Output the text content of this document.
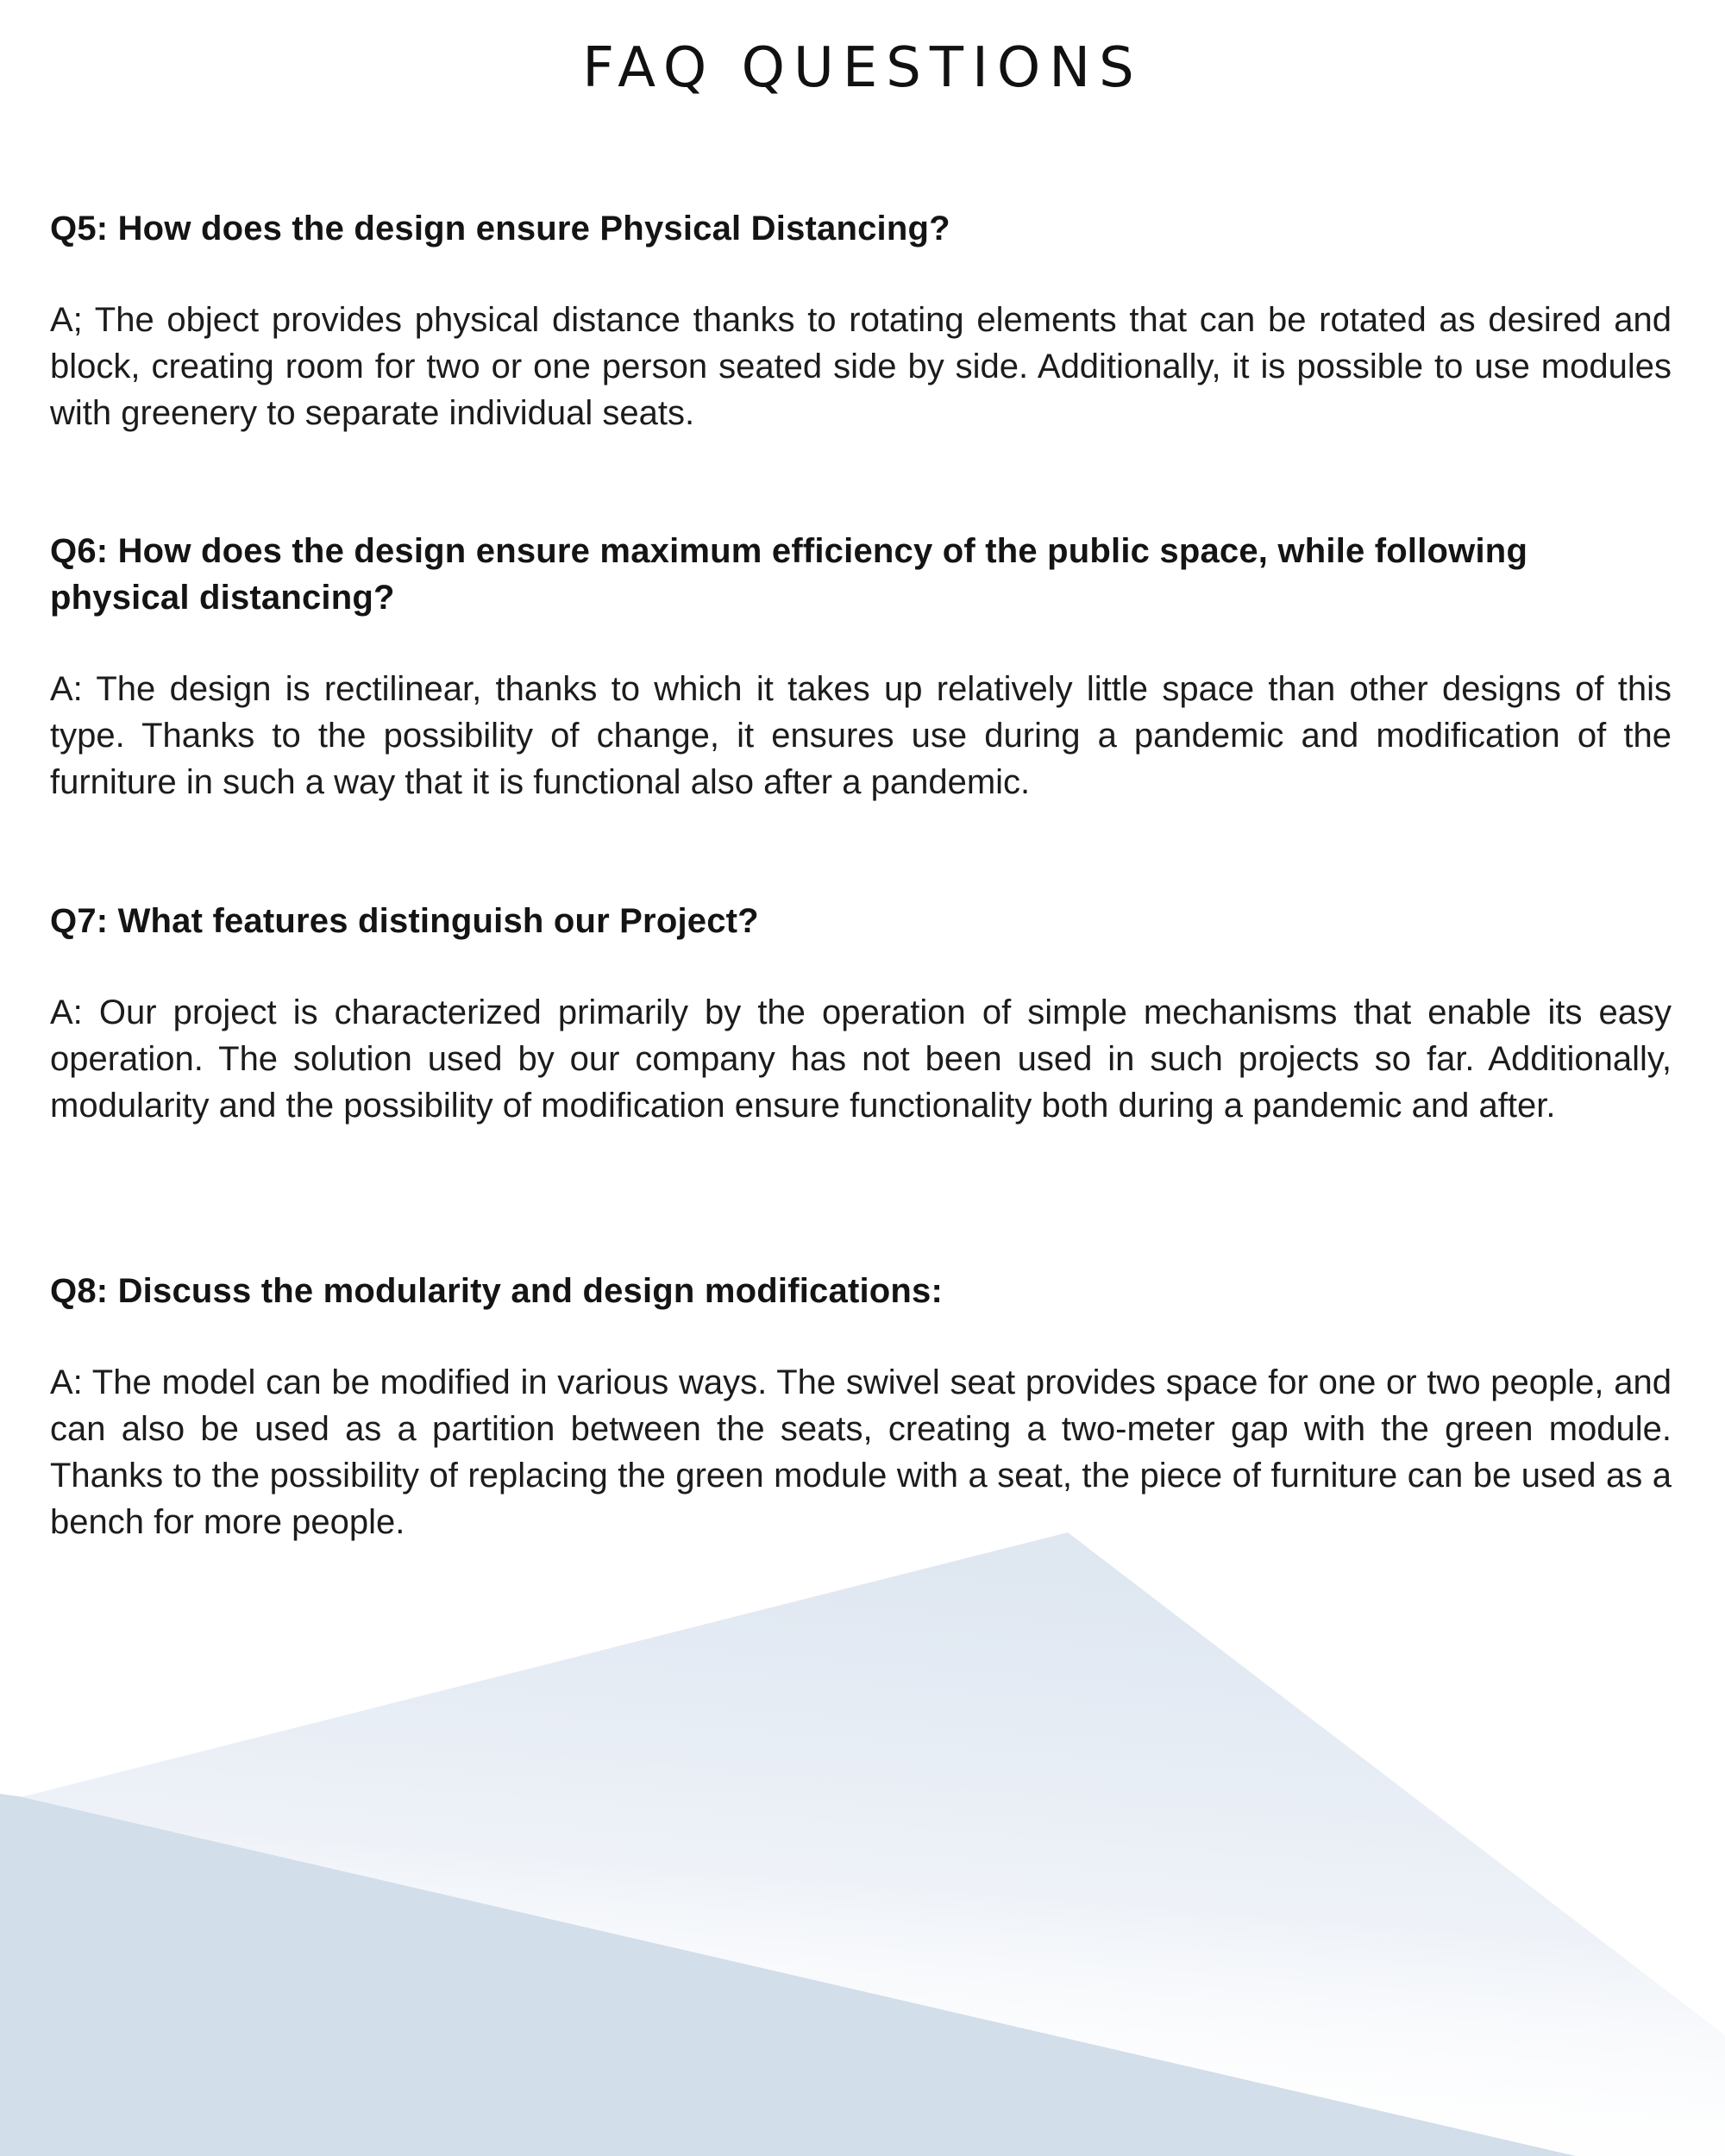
FAQ QUESTIONS

Q5: How does the design ensure Physical Distancing?

A; The object provides physical distance thanks to rotating elements that can be rotated as desired and block, creating room for two or one person seated side by side. Additionally, it is possible to use modules with greenery to separate individual seats.

Q6: How does the design ensure maximum efficiency of the public space, while following physical distancing?

A: The design is rectilinear, thanks to which it takes up relatively little space than other designs of this type. Thanks to the possibility of change, it ensures use during a pandemic and modification of the furniture in such a way that it is functional also after a pandemic.

Q7: What features distinguish our Project?

A: Our project is characterized primarily by the operation of simple mechanisms that enable its easy operation. The solution used by our company has not been used in such projects so far. Additionally, modularity and the possibility of modification ensure functionality both during a pandemic and after.

Q8: Discuss the modularity and design modifications:

A: The model can be modified in various ways. The swivel seat provides space for one or two people, and can also be used as a partition between the seats, creating a two-meter gap with the green module. Thanks to the possibility of replacing the green module with a seat, the piece of furniture can be used as a bench for more people.
